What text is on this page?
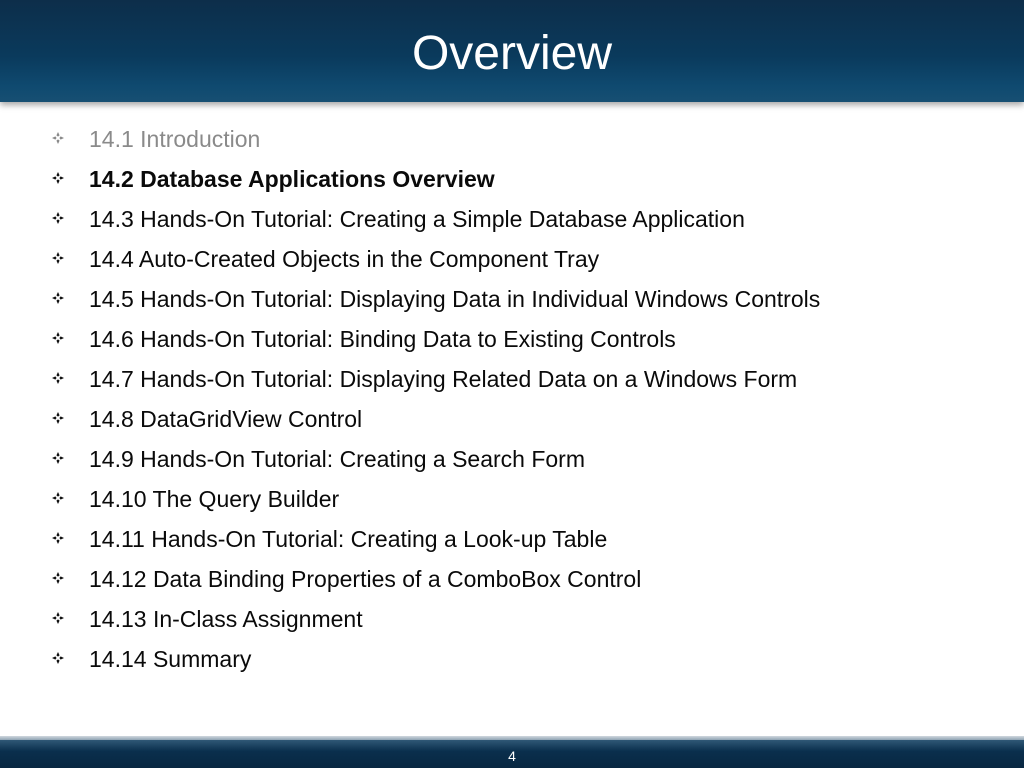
Overview
14.1 Introduction
14.2 Database Applications Overview
14.3 Hands-On Tutorial: Creating a Simple Database Application
14.4 Auto-Created Objects in the Component Tray
14.5 Hands-On Tutorial: Displaying Data in Individual Windows Controls
14.6 Hands-On Tutorial: Binding Data to Existing Controls
14.7 Hands-On Tutorial: Displaying Related Data on a Windows Form
14.8 DataGridView Control
14.9 Hands-On Tutorial: Creating a Search Form
14.10 The Query Builder
14.11 Hands-On Tutorial: Creating a Look-up Table
14.12 Data Binding Properties of a ComboBox Control
14.13 In-Class Assignment
14.14 Summary
4
